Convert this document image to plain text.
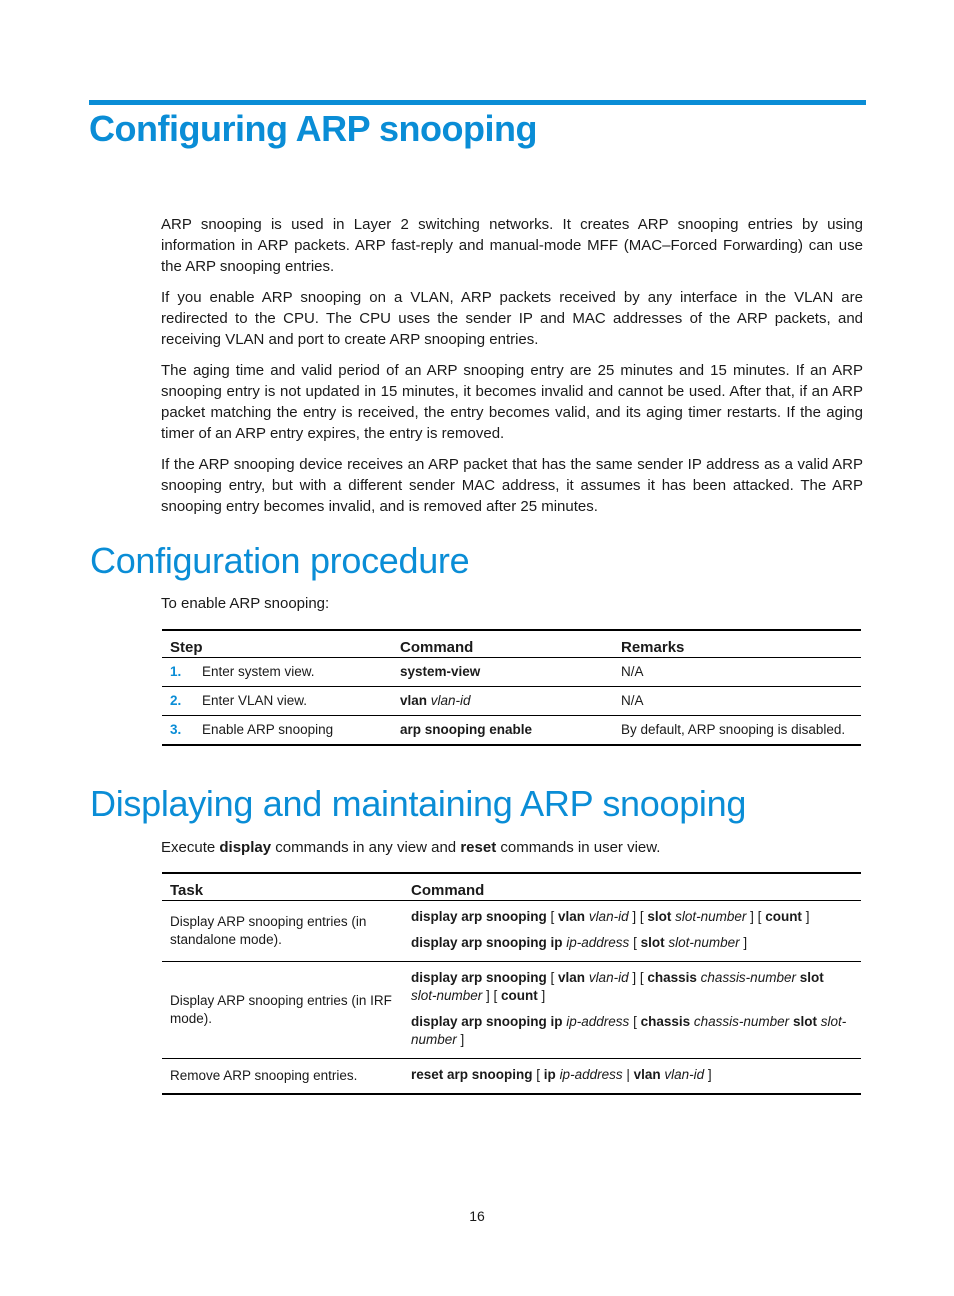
Configuring ARP snooping

ARP snooping is used in Layer 2 switching networks. It creates ARP snooping entries by using information in ARP packets. ARP fast-reply and manual-mode MFF (MAC–Forced Forwarding) can use the ARP snooping entries.

If you enable ARP snooping on a VLAN, ARP packets received by any interface in the VLAN are redirected to the CPU. The CPU uses the sender IP and MAC addresses of the ARP packets, and receiving VLAN and port to create ARP snooping entries.

The aging time and valid period of an ARP snooping entry are 25 minutes and 15 minutes. If an ARP snooping entry is not updated in 15 minutes, it becomes invalid and cannot be used. After that, if an ARP packet matching the entry is received, the entry becomes valid, and its aging timer restarts. If the aging timer of an ARP entry expires, the entry is removed.

If the ARP snooping device receives an ARP packet that has the same sender IP address as a valid ARP snooping entry, but with a different sender MAC address, it assumes it has been attacked. The ARP snooping entry becomes invalid, and is removed after 25 minutes.

Configuration procedure

To enable ARP snooping:

Step	Command	Remarks
1. Enter system view.	system-view	N/A
2. Enter VLAN view.	vlan vlan-id	N/A
3. Enable ARP snooping	arp snooping enable	By default, ARP snooping is disabled.
Displaying and maintaining ARP snooping

Execute display commands in any view and reset commands in user view.

Task	Command
Display ARP snooping entries (in standalone mode).	display arp snooping [ vlan vlan-id ] [ slot slot-number ] [ count ]
display arp snooping ip ip-address [ slot slot-number ]

Display ARP snooping entries (in IRF mode).	display arp snooping [ vlan vlan-id ] [ chassis chassis-number slot slot-number ] [ count ]
display arp snooping ip ip-address [ chassis chassis-number slot slot-number ]

Remove ARP snooping entries.	reset arp snooping [ ip ip-address | vlan vlan-id ]
16
